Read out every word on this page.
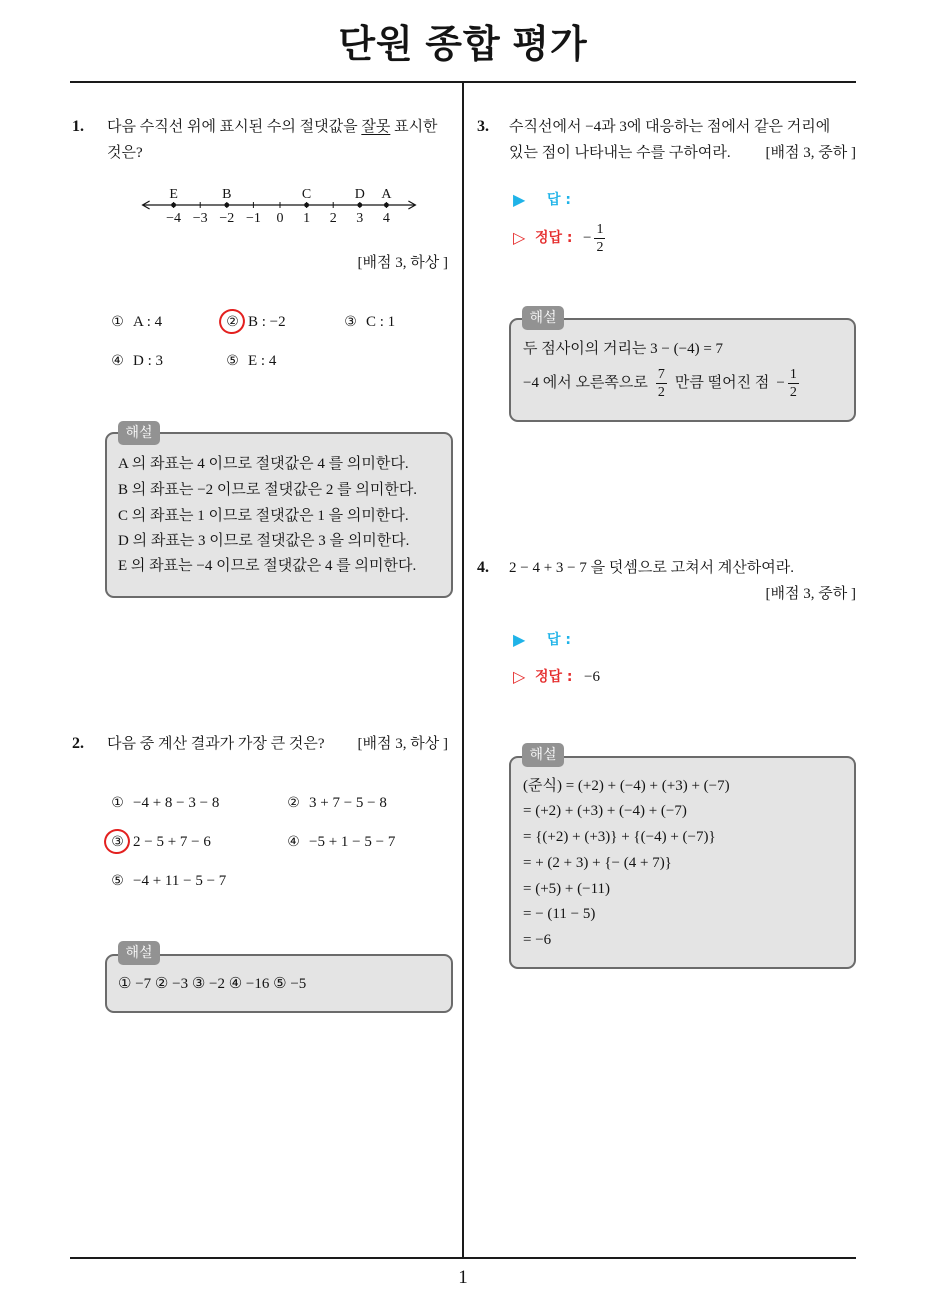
단원 종합 평가
1
1. 다음 수직선 위에 표시된 수의 절댓값을 잘못 표시한
것은?
−4 −3 −2 −1 0 1 2 3 4
E	B	C	D A
[배점 3, 하상 ]
① A : 4	② B : −2	③ C : 1
④ D : 3	⑤ E : 4
해설
A 의 좌표는 4 이므로 절댓값은 4 를 의미한다.
B 의 좌표는 −2 이므로 절댓값은 2 를 의미한다.
C 의 좌표는 1 이므로 절댓값은 1 을 의미한다.
D 의 좌표는 3 이므로 절댓값은 3 을 의미한다.
E 의 좌표는 −4 이므로 절댓값은 4 를 의미한다.
2. 다음 중 계산 결과가 가장 큰 것은? [배점 3, 하상 ]
① −4 + 8 − 3 − 8	② 3 + 7 − 5 − 8
③ 2 − 5 + 7 − 6	④ −5 + 1 − 5 − 7
⑤ −4 + 11 − 5 − 7
해설
① −7 ② −3 ③ −2 ④ −16 ⑤ −5
3. 수직선에서 −4과 3에 대응하는 점에서 같은 거리에
있는 점이 나타내는 수를 구하여라. [배점 3, 중하 ]
▶ 답 :
▷ 정답 : − $\frac{1}{2}$
해설
두 점사이의 거리는 3 − (−4) = 7
−4 에서 오른쪽으로 $\frac{7}{2}$ 만큼 떨어진 점 − $\frac{1}{2}$
4. 2 − 4 + 3 − 7 을 덧셈으로 고쳐서 계산하여라.
[배점 3, 중하 ]
▶ 답 :
▷ 정답 : −6
해설
(준식) = (+2) + (−4) + (+3) + (−7)
= (+2) + (+3) + (−4) + (−7)
= {(+2) + (+3)} + {(−4) + (−7)}
= + (2 + 3) + {− (4 + 7)}
= (+5) + (−11)
= − (11 − 5)
= −6
